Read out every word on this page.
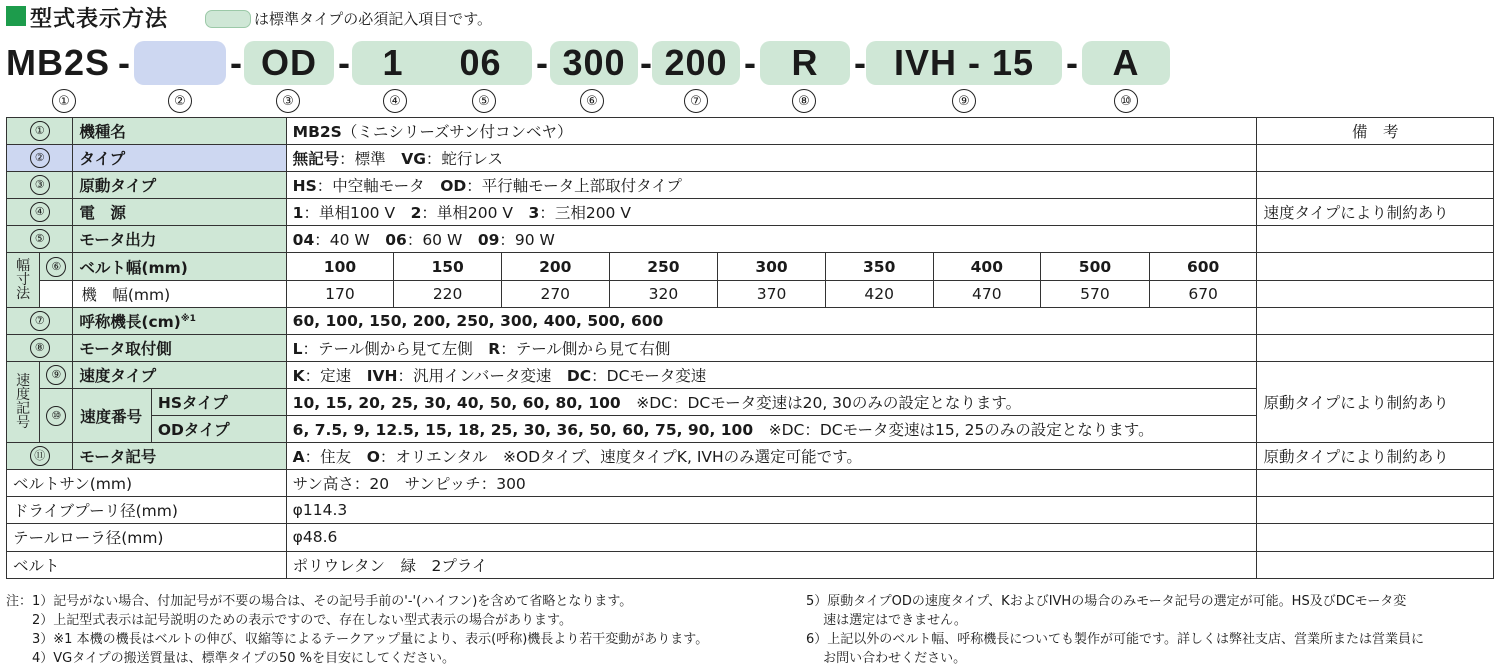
型式表示方法	は標準タイプの必須記入項目です。
MB2S -	- OD - 1 06 - 300 - 200 - R - IVH - 15 - A
①	②	③	④	⑤	⑥	⑦	⑧	⑨	⑩
①		機種名		MB2S（ミニシリーズサン付コンベヤ）									備　考
②		タイプ		無記号：標準　 VG：蛇行レス									
③		原動タイプ		HS：中空軸モータ　 OD：平行軸モータ上部取付タイプ									
④		電　源		1：単相100 V　 2：単相200 V　 3：三相200 V									速度タイプにより制約あり
⑤		モータ出力		04：40 W　 06：60 W　 09：90 W									
幅寸法	⑥	ベルト幅(mm)		100	150	200	250	300	350	400	500	600	
		機　幅(mm)		170	220	270	320	370	420	470	570	670	
⑦		呼称機長(cm)$^{※1}$		60, 100, 150, 200, 250, 300, 400, 500, 600									
⑧		モータ取付側		L：テール側から見て左側　 R：テール側から見て右側									
速度記号	⑨	速度タイプ		K：定速　 IVH：汎用インバータ変速　 DC：DCモータ変速									原動タイプにより制約あり
	⑩	速度番号	HSタイプ	10, 15, 20, 25, 30, 40, 50, 60, 80, 100　 ※DC：DCモータ変速は20, 30のみの設定となります。									
			ODタイプ	6, 7.5, 9, 12.5, 15, 18, 25, 30, 36, 50, 60, 75, 90, 100　 ※DC：DCモータ変速は15, 25のみの設定となります。									
⑪		モータ記号		A：住友　 O：オリエンタル　 ※ODタイプ、速度タイプK, IVHのみ選定可能です。									原動タイプにより制約あり
ベルトサン(mm)				サン高さ：20　サンピッチ：300									
ドライブプーリ径(mm)				φ114.3									
テールローラ径(mm)				φ48.6									
ベルト				ポリウレタン　緑　2プライ									
注：1）記号がない場合、付加記号が不要の場合は、その記号手前の'-'(ハイフン)を含めて省略となります。
　　2）上記型式表示は記号説明のための表示ですので、存在しない型式表示の場合があります。
　　3）※1 本機の機長はベルトの伸び、収縮等によるテークアップ量により、表示(呼称)機長より若干変動があります。
　　4）VGタイプの搬送質量は、標準タイプの50 %を目安にしてください。
5）原動タイプODの速度タイプ、KおよびIVHの場合のみモータ記号の選定が可能。HS及びDCモータ変
　 速は選定はできません。
6）上記以外のベルト幅、呼称機長についても製作が可能です。詳しくは弊社支店、営業所または営業員に
　 お問い合わせください。
